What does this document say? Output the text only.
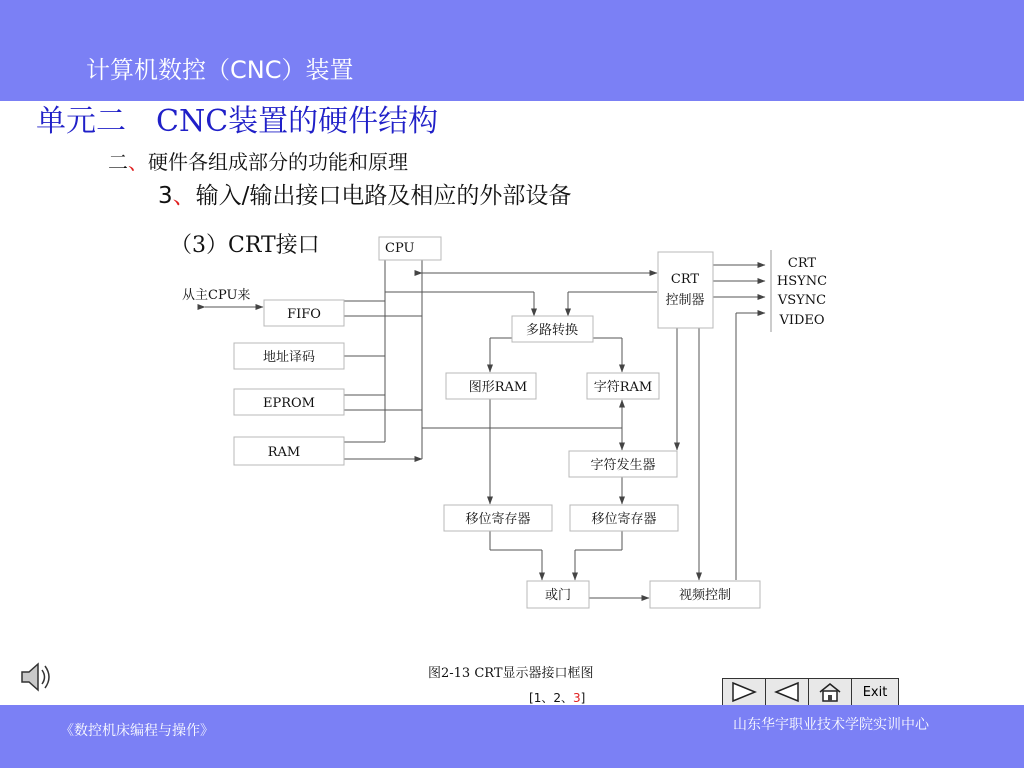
计算机数控（CNC）装置
单元二 CNC装置的硬件结构
二、硬件各组成部分的功能和原理
3、输入/输出接口电路及相应的外部设备
（3）CRT接口	CPU
从主CPU来
FIFO
地址译码
EPROM
RAM
CRT
控制器
多路转换
图形RAM	字符RAM
字符发生器
移位寄存器	移位寄存器
或门	视频控制
CRT
HSYNC
VSYNC
VIDEO
图2-13 CRT显示器接口框图
[1、2、3]	Exit
《数控机床编程与操作》	山东华宇职业技术学院实训中心
